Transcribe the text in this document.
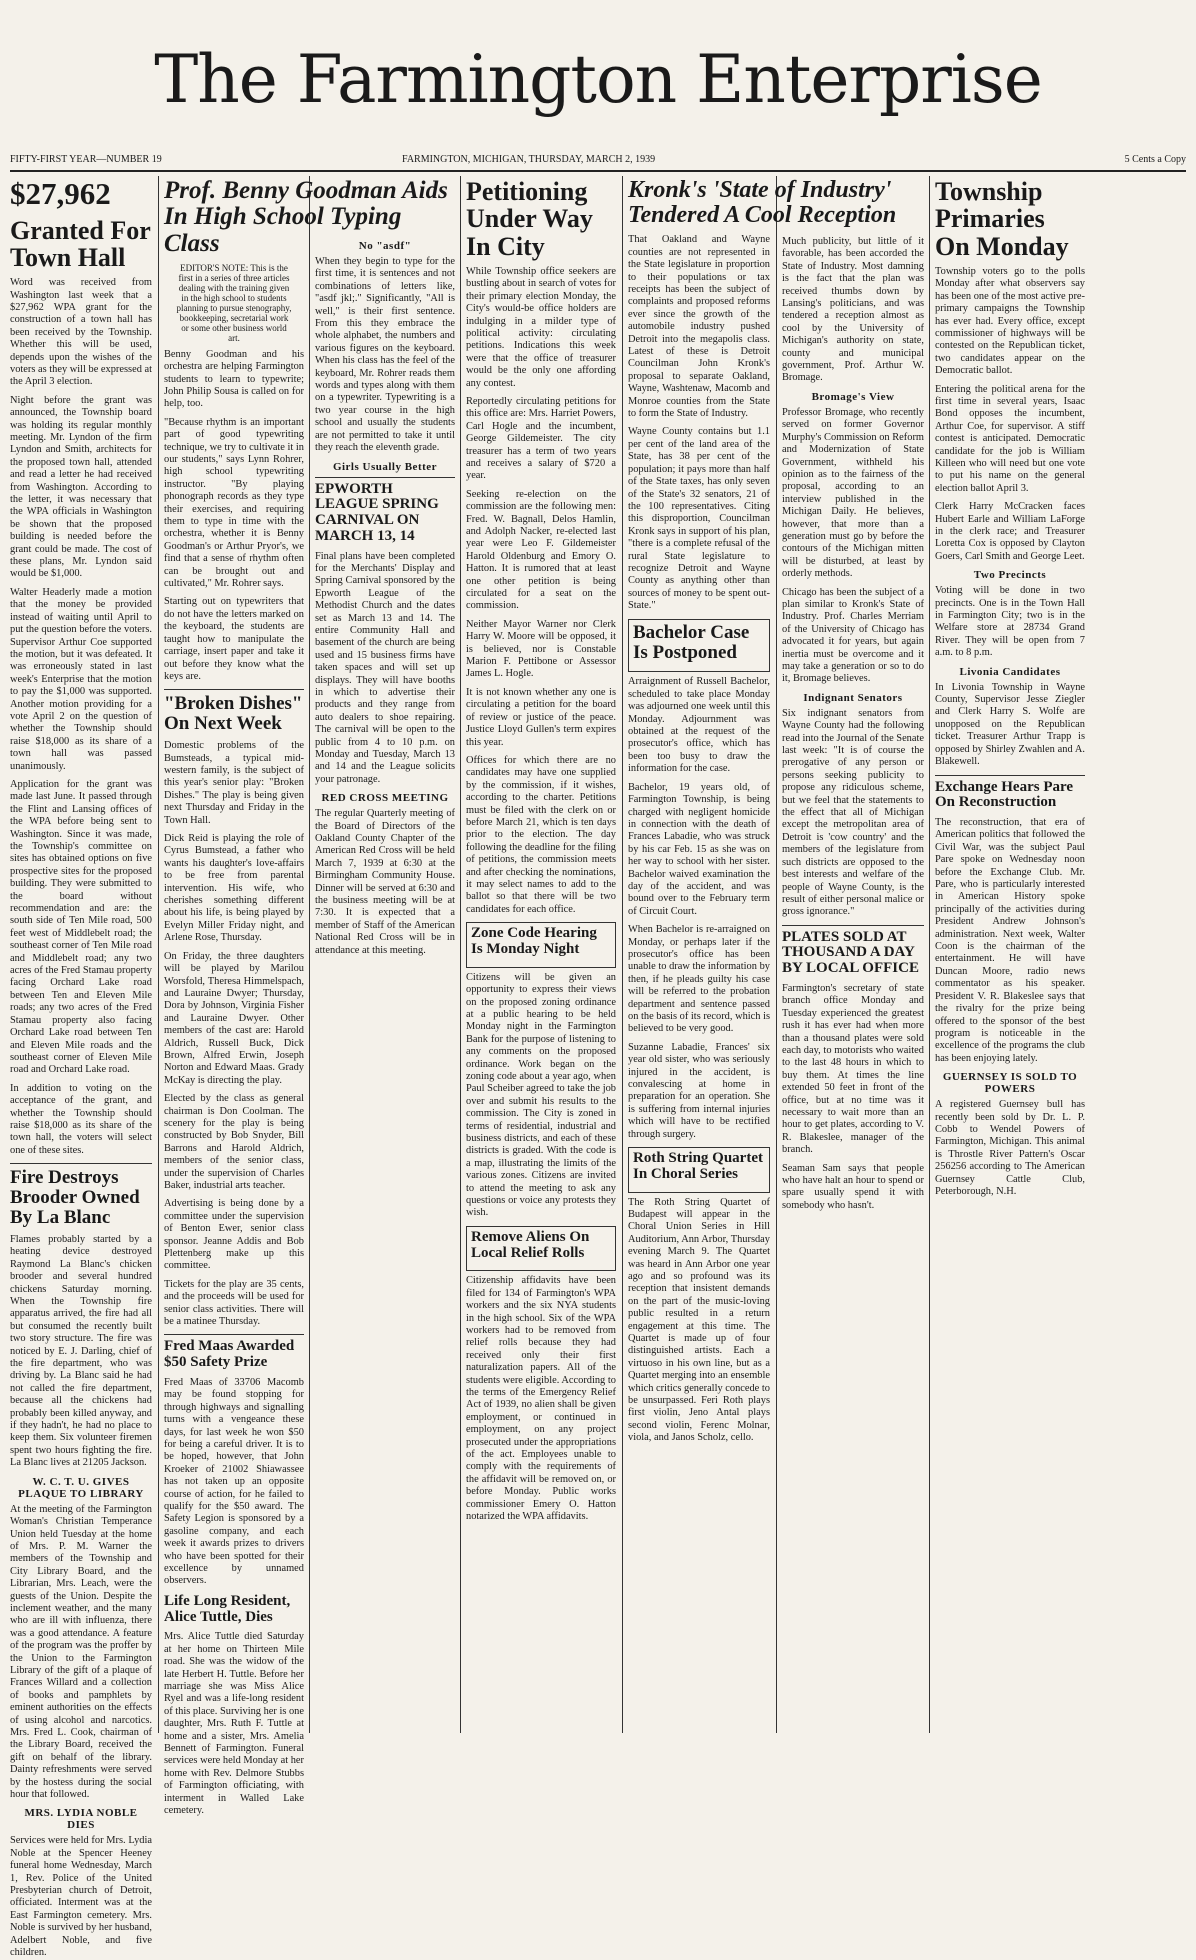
The Farmington Enterprise
FIFTY-FIRST YEAR—NUMBER 19	FARMINGTON, MICHIGAN, THURSDAY, MARCH 2, 1939	5 Cents a Copy
$27,962
Granted For Town Hall

Word was received from Washington last week that a $27,962 WPA grant for the construction of a town hall has been received by the Township. Whether this will be used, depends upon the wishes of the voters as they will be expressed at the April 3 election.

Night before the grant was announced, the Township board was holding its regular monthly meeting. Mr. Lyndon of the firm Lyndon and Smith, architects for the proposed town hall, attended and read a letter he had received from Washington. According to the letter, it was necessary that the WPA officials in Washington be shown that the proposed building is needed before the grant could be made. The cost of these plans, Mr. Lyndon said would be $1,000.

Walter Headerly made a motion that the money be provided instead of waiting until April to put the question before the voters. Supervisor Arthur Coe supported the motion, but it was defeated. It was erroneously stated in last week's Enterprise that the motion to pay the $1,000 was supported. Another motion providing for a vote April 2 on the question of whether the Township should raise $18,000 as its share of a town hall was passed unanimously.

Application for the grant was made last June. It passed through the Flint and Lansing offices of the WPA before being sent to Washington. Since it was made, the Township's committee on sites has obtained options on five prospective sites for the proposed building. They were submitted to the board without recommendation and are: the south side of Ten Mile road, 500 feet west of Middlebelt road; the southeast corner of Ten Mile road and Middlebelt road; any two acres of the Fred Stamau property facing Orchard Lake road between Ten and Eleven Mile roads; any two acres of the Fred Stamau property also facing Orchard Lake road between Ten and Eleven Mile roads and the southeast corner of Eleven Mile road and Orchard Lake road.

In addition to voting on the acceptance of the grant, and whether the Township should raise $18,000 as its share of the town hall, the voters will select one of these sites.

Fire Destroys Brooder Owned By La Blanc

Flames probably started by a heating device destroyed Raymond La Blanc's chicken brooder and several hundred chickens Saturday morning. When the Township fire apparatus arrived, the fire had all but consumed the recently built two story structure. The fire was noticed by E. J. Darling, chief of the fire department, who was driving by. La Blanc said he had not called the fire department, because all the chickens had probably been killed anyway, and if they hadn't, he had no place to keep them. Six volunteer firemen spent two hours fighting the fire. La Blanc lives at 21205 Jackson.

W. C. T. U. GIVES PLAQUE TO LIBRARY

At the meeting of the Farmington Woman's Christian Temperance Union held Tuesday at the home of Mrs. P. M. Warner the members of the Township and City Library Board, and the Librarian, Mrs. Leach, were the guests of the Union. Despite the inclement weather, and the many who are ill with influenza, there was a good attendance. A feature of the program was the proffer by the Union to the Farmington Library of the gift of a plaque of Frances Willard and a collection of books and pamphlets by eminent authorities on the effects of using alcohol and narcotics. Mrs. Fred L. Cook, chairman of the Library Board, received the gift on behalf of the library. Dainty refreshments were served by the hostess during the social hour that followed.

MRS. LYDIA NOBLE DIES

Services were held for Mrs. Lydia Noble at the Spencer Heeney funeral home Wednesday, March 1, Rev. Police of the United Presbyterian church of Detroit, officiated. Interment was at the East Farmington cemetery. Mrs. Noble is survived by her husband, Adelbert Noble, and five children.

Prof. Benny Goodman Aids In High School Typing Class

EDITOR'S NOTE: This is the first in a series of three articles dealing with the training given in the high school to students planning to pursue stenography, bookkeeping, secretarial work or some other business world art.

Benny Goodman and his orchestra are helping Farmington students to learn to typewrite; John Philip Sousa is called on for help, too.

"Because rhythm is an important part of good typewriting technique, we try to cultivate it in our students," says Lynn Rohrer, high school typewriting instructor. "By playing phonograph records as they type their exercises, and requiring them to type in time with the orchestra, whether it is Benny Goodman's or Arthur Pryor's, we find that a sense of rhythm often can be brought out and cultivated," Mr. Rohrer says.

Starting out on typewriters that do not have the letters marked on the keyboard, the students are taught how to manipulate the carriage, insert paper and take it out before they know what the keys are.

"Broken Dishes" On Next Week

Domestic problems of the Bumsteads, a typical mid-western family, is the subject of this year's senior play: "Broken Dishes." The play is being given next Thursday and Friday in the Town Hall.

Dick Reid is playing the role of Cyrus Bumstead, a father who wants his daughter's love-affairs to be free from parental intervention. His wife, who cherishes something different about his life, is being played by Evelyn Miller Friday night, and Arlene Rose, Thursday.

On Friday, the three daughters will be played by Marilou Worsfold, Theresa Himmelspach, and Lauraine Dwyer; Thursday, Dora by Johnson, Virginia Fisher and Lauraine Dwyer. Other members of the cast are: Harold Aldrich, Russell Buck, Dick Brown, Alfred Erwin, Joseph Norton and Edward Maas. Grady McKay is directing the play.

Elected by the class as general chairman is Don Coolman. The scenery for the play is being constructed by Bob Snyder, Bill Barrons and Harold Aldrich, members of the senior class, under the supervision of Charles Baker, industrial arts teacher.

Advertising is being done by a committee under the supervision of Benton Ewer, senior class sponsor. Jeanne Addis and Bob Plettenberg make up this committee.

Tickets for the play are 35 cents, and the proceeds will be used for senior class activities. There will be a matinee Thursday.

Fred Maas Awarded $50 Safety Prize

Fred Maas of 33706 Macomb may be found stopping for through highways and signalling turns with a vengeance these days, for last week he won $50 for being a careful driver. It is to be hoped, however, that John Kroeker of 21002 Shiawassee has not taken up an opposite course of action, for he failed to qualify for the $50 award. The Safety Legion is sponsored by a gasoline company, and each week it awards prizes to drivers who have been spotted for their excellence by unnamed observers.

Life Long Resident, Alice Tuttle, Dies

Mrs. Alice Tuttle died Saturday at her home on Thirteen Mile road. She was the widow of the late Herbert H. Tuttle. Before her marriage she was Miss Alice Ryel and was a life-long resident of this place. Surviving her is one daughter, Mrs. Ruth F. Tuttle at home and a sister, Mrs. Amelia Bennett of Farmington. Funeral services were held Monday at her home with Rev. Delmore Stubbs of Farmington officiating, with interment in Walled Lake cemetery.

No "asdf"

When they begin to type for the first time, it is sentences and not combinations of letters like, "asdf jkl;." Significantly, "All is well," is their first sentence. From this they embrace the whole alphabet, the numbers and various figures on the keyboard. When his class has the feel of the keyboard, Mr. Rohrer reads them words and types along with them on a typewriter. Typewriting is a two year course in the high school and usually the students are not permitted to take it until they reach the eleventh grade.

Girls Usually Better
EPWORTH LEAGUE SPRING CARNIVAL ON MARCH 13, 14

Final plans have been completed for the Merchants' Display and Spring Carnival sponsored by the Epworth League of the Methodist Church and the dates set as March 13 and 14. The entire Community Hall and basement of the church are being used and 15 business firms have taken spaces and will set up displays. They will have booths in which to advertise their products and they range from auto dealers to shoe repairing. The carnival will be open to the public from 4 to 10 p.m. on Monday and Tuesday, March 13 and 14 and the League solicits your patronage.

RED CROSS MEETING

The regular Quarterly meeting of the Board of Directors of the Oakland County Chapter of the American Red Cross will be held March 7, 1939 at 6:30 at the Birmingham Community House. Dinner will be served at 6:30 and the business meeting will be at 7:30. It is expected that a member of Staff of the American National Red Cross will be in attendance at this meeting.

Petitioning Under Way In City

While Township office seekers are bustling about in search of votes for their primary election Monday, the City's would-be office holders are indulging in a milder type of political activity: circulating petitions. Indications this week were that the office of treasurer would be the only one affording any contest.

Reportedly circulating petitions for this office are: Mrs. Harriet Powers, Carl Hogle and the incumbent, George Gildemeister. The city treasurer has a term of two years and receives a salary of $720 a year.

Seeking re-election on the commission are the following men: Fred. W. Bagnall, Delos Hamlin, and Adolph Nacker, re-elected last year were Leo F. Gildemeister Harold Oldenburg and Emory O. Hatton. It is rumored that at least one other petition is being circulated for a seat on the commission.

Neither Mayor Warner nor Clerk Harry W. Moore will be opposed, it is believed, nor is Constable Marion F. Pettibone or Assessor James L. Hogle.

It is not known whether any one is circulating a petition for the board of review or justice of the peace. Justice Lloyd Gullen's term expires this year.

Offices for which there are no candidates may have one supplied by the commission, if it wishes, according to the charter. Petitions must be filed with the clerk on or before March 21, which is ten days prior to the election. The day following the deadline for the filing of petitions, the commission meets and after checking the nominations, it may select names to add to the ballot so that there will be two candidates for each office.

Zone Code Hearing Is Monday Night

Citizens will be given an opportunity to express their views on the proposed zoning ordinance at a public hearing to be held Monday night in the Farmington Bank for the purpose of listening to any comments on the proposed ordinance. Work began on the zoning code about a year ago, when Paul Scheiber agreed to take the job over and submit his results to the commission. The City is zoned in terms of residential, industrial and business districts, and each of these districts is graded. With the code is a map, illustrating the limits of the various zones. Citizens are invited to attend the meeting to ask any questions or voice any protests they wish.

Remove Aliens On Local Relief Rolls

Citizenship affidavits have been filed for 134 of Farmington's WPA workers and the six NYA students in the high school. Six of the WPA workers had to be removed from relief rolls because they had received only their first naturalization papers. All of the students were eligible. According to the terms of the Emergency Relief Act of 1939, no alien shall be given employment, or continued in employment, on any project prosecuted under the appropriations of the act. Employees unable to comply with the requirements of the affidavit will be removed on, or before Monday. Public works commissioner Emery O. Hatton notarized the WPA affidavits.

Kronk's 'State of Industry' Tendered A Cool Reception

That Oakland and Wayne counties are not represented in the State legislature in proportion to their populations or tax receipts has been the subject of complaints and proposed reforms ever since the growth of the automobile industry pushed Detroit into the megapolis class. Latest of these is Detroit Councilman John Kronk's proposal to separate Oakland, Wayne, Washtenaw, Macomb and Monroe counties from the State to form the State of Industry.

Wayne County contains but 1.1 per cent of the land area of the State, has 38 per cent of the population; it pays more than half of the State taxes, has only seven of the State's 32 senators, 21 of the 100 representatives. Citing this disproportion, Councilman Kronk says in support of his plan, "there is a complete refusal of the rural State legislature to recognize Detroit and Wayne County as anything other than sources of money to be spent out-State."

Bachelor Case Is Postponed

Arraignment of Russell Bachelor, scheduled to take place Monday was adjourned one week until this Monday. Adjournment was obtained at the request of the prosecutor's office, which has been too busy to draw the information for the case.

Bachelor, 19 years old, of Farmington Township, is being charged with negligent homicide in connection with the death of Frances Labadie, who was struck by his car Feb. 15 as she was on her way to school with her sister. Bachelor waived examination the day of the accident, and was bound over to the February term of Circuit Court.

When Bachelor is re-arraigned on Monday, or perhaps later if the prosecutor's office has been unable to draw the information by then, if he pleads guilty his case will be referred to the probation department and sentence passed on the basis of its record, which is believed to be very good.

Suzanne Labadie, Frances' six year old sister, who was seriously injured in the accident, is convalescing at home in preparation for an operation. She is suffering from internal injuries which will have to be rectified through surgery.

Roth String Quartet In Choral Series

The Roth String Quartet of Budapest will appear in the Choral Union Series in Hill Auditorium, Ann Arbor, Thursday evening March 9. The Quartet was heard in Ann Arbor one year ago and so profound was its reception that insistent demands on the part of the music-loving public resulted in a return engagement at this time. The Quartet is made up of four distinguished artists. Each a virtuoso in his own line, but as a Quartet merging into an ensemble which critics generally concede to be unsurpassed. Feri Roth plays first violin, Jeno Antal plays second violin, Ferenc Molnar, viola, and Janos Scholz, cello.

Much publicity, but little of it favorable, has been accorded the State of Industry. Most damning is the fact that the plan was received thumbs down by Lansing's politicians, and was tendered a reception almost as cool by the University of Michigan's authority on state, county and municipal government, Prof. Arthur W. Bromage.

Bromage's View

Professor Bromage, who recently served on former Governor Murphy's Commission on Reform and Modernization of State Government, withheld his opinion as to the fairness of the proposal, according to an interview published in the Michigan Daily. He believes, however, that more than a generation must go by before the contours of the Michigan mitten will be disturbed, at least by orderly methods.

Chicago has been the subject of a plan similar to Kronk's State of Industry. Prof. Charles Merriam of the University of Chicago has advocated it for years, but again inertia must be overcome and it may take a generation or so to do it, Bromage believes.

Indignant Senators

Six indignant senators from Wayne County had the following read into the Journal of the Senate last week: "It is of course the prerogative of any person or persons seeking publicity to propose any ridiculous scheme, but we feel that the statements to the effect that all of Michigan except the metropolitan area of Detroit is 'cow country' and the members of the legislature from such districts are opposed to the best interests and welfare of the people of Wayne County, is the result of either personal malice or gross ignorance."

PLATES SOLD AT THOUSAND A DAY BY LOCAL OFFICE

Farmington's secretary of state branch office Monday and Tuesday experienced the greatest rush it has ever had when more than a thousand plates were sold each day, to motorists who waited to the last 48 hours in which to buy them. At times the line extended 50 feet in front of the office, but at no time was it necessary to wait more than an hour to get plates, according to V. R. Blakeslee, manager of the branch.

Seaman Sam says that people who have halt an hour to spend or spare usually spend it with somebody who hasn't.

Township Primaries On Monday

Township voters go to the polls Monday after what observers say has been one of the most active pre-primary campaigns the Township has ever had. Every office, except commissioner of highways will be contested on the Republican ticket, two candidates appear on the Democratic ballot.

Entering the political arena for the first time in several years, Isaac Bond opposes the incumbent, Arthur Coe, for supervisor. A stiff contest is anticipated. Democratic candidate for the job is William Killeen who will need but one vote to put his name on the general election ballot April 3.

Clerk Harry McCracken faces Hubert Earle and William LaForge in the clerk race; and Treasurer Loretta Cox is opposed by Clayton Goers, Carl Smith and George Leet.

Two Precincts

Voting will be done in two precincts. One is in the Town Hall in Farmington City; two is in the Welfare store at 28734 Grand River. They will be open from 7 a.m. to 8 p.m.

Livonia Candidates

In Livonia Township in Wayne County, Supervisor Jesse Ziegler and Clerk Harry S. Wolfe are unopposed on the Republican ticket. Treasurer Arthur Trapp is opposed by Shirley Zwahlen and A. Blakewell.

Exchange Hears Pare On Reconstruction

The reconstruction, that era of American politics that followed the Civil War, was the subject Paul Pare spoke on Wednesday noon before the Exchange Club. Mr. Pare, who is particularly interested in American History spoke principally of the activities during President Andrew Johnson's administration. Next week, Walter Coon is the chairman of the entertainment. He will have Duncan Moore, radio news commentator as his speaker. President V. R. Blakeslee says that the rivalry for the prize being offered to the sponsor of the best program is noticeable in the excellence of the programs the club has been enjoying lately.

GUERNSEY IS SOLD TO POWERS

A registered Guernsey bull has recently been sold by Dr. L. P. Cobb to Wendel Powers of Farmington, Michigan. This animal is Throstle River Pattern's Oscar 256256 according to The American Guernsey Cattle Club, Peterborough, N.H.
